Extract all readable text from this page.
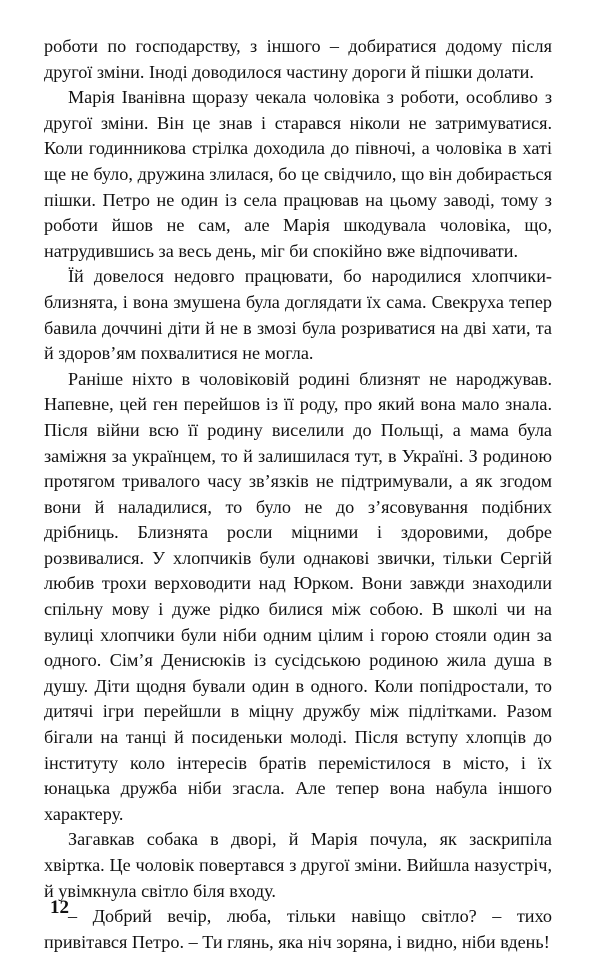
роботи по господарству, з іншого – добиратися додому після другої зміни. Іноді доводилося частину дороги й пішки долати.

Марія Іванівна щоразу чекала чоловіка з роботи, особливо з другої зміни. Він це знав і старався ніколи не затримуватися. Коли годинникова стрілка доходила до півночі, а чоловіка в хаті ще не було, дружина злилася, бо це свідчило, що він добирається пішки. Петро не один із села працював на цьому заводі, тому з роботи йшов не сам, але Марія шкодувала чоловіка, що, натрудившись за весь день, міг би спокійно вже відпочивати.

Їй довелося недовго працювати, бо народилися хлопчики-близнята, і вона змушена була доглядати їх сама. Свекруха тепер бавила доччині діти й не в змозі була розриватися на дві хати, та й здоров’ям похвалитися не могла.

Раніше ніхто в чоловіковій родині близнят не народжував. Напевне, цей ген перейшов із її роду, про який вона мало знала. Після війни всю її родину виселили до Польщі, а мама була заміжня за українцем, то й залишилася тут, в Україні. З родиною протягом тривалого часу зв’язків не підтримували, а як згодом вони й наладилися, то було не до з’ясовування подібних дрібниць. Близнята росли міцними і здоровими, добре розвивалися. У хлопчиків були однакові звички, тільки Сергій любив трохи верховодити над Юрком. Вони завжди знаходили спільну мову і дуже рідко билися між собою. В школі чи на вулиці хлопчики були ніби одним цілим і горою стояли один за одного. Сім’я Денисюків із сусідською родиною жила душа в душу. Діти щодня бували один в одного. Коли попідростали, то дитячі ігри перейшли в міцну дружбу між підлітками. Разом бігали на танці й посиденьки молоді. Після вступу хлопців до інституту коло інтересів братів перемістилося в місто, і їх юнацька дружба ніби згасла. Але тепер вона набула іншого характеру.

Загавкав собака в дворі, й Марія почула, як заскрипіла хвіртка. Це чоловік повертався з другої зміни. Вийшла назустріч, й увімкнула світло біля входу.

– Добрий вечір, люба, тільки навіщо світло? – тихо привітався Петро. – Ти глянь, яка ніч зоряна, і видно, ніби вдень!

12
